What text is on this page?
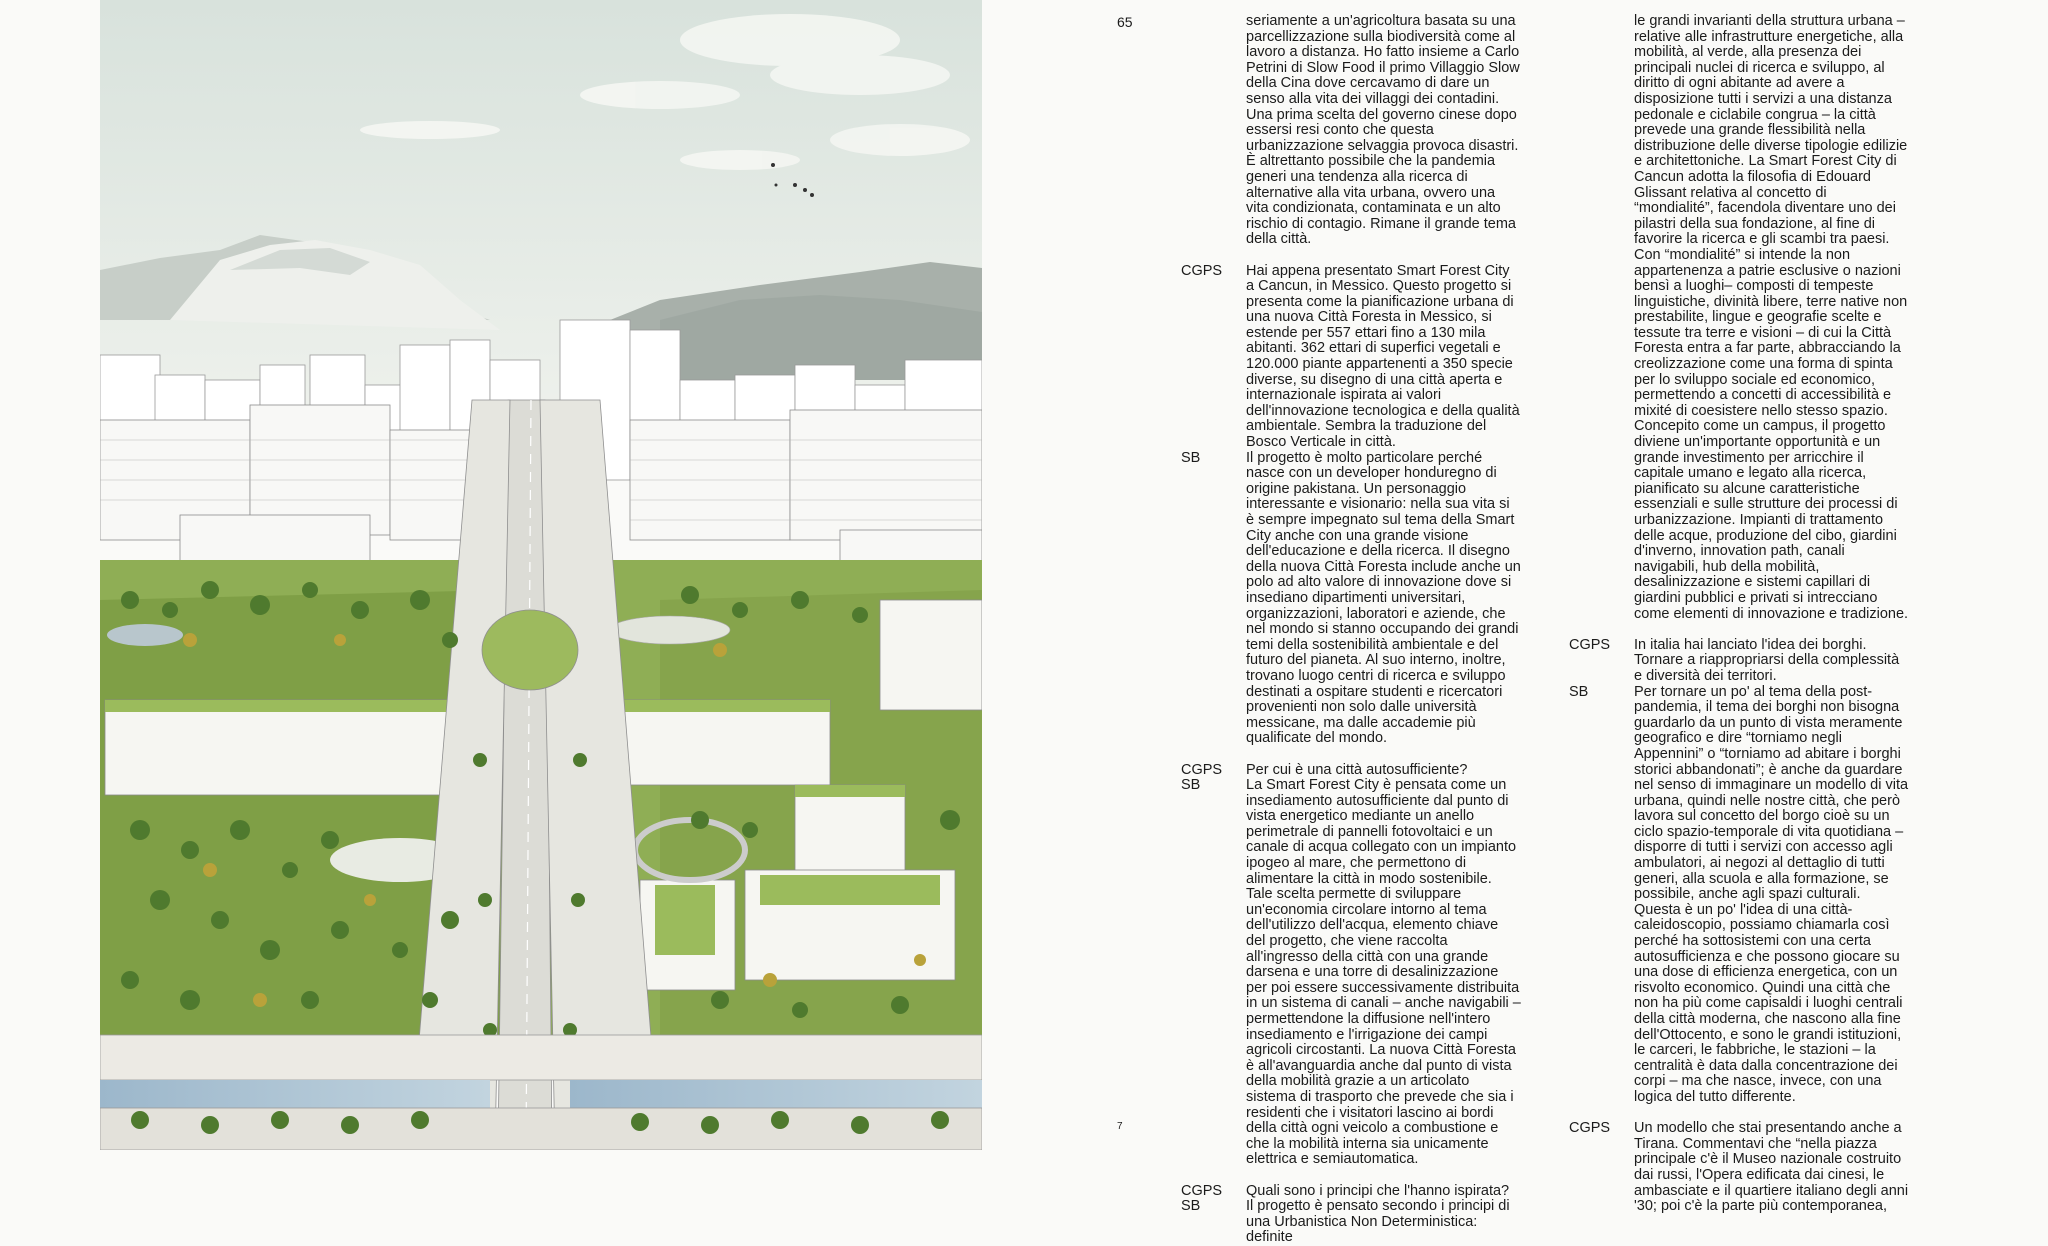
65
7

seriamente a un'agricoltura basata su una parcellizzazione sulla biodiversità come al lavoro a distanza. Ho fatto insieme a Carlo Petrini di Slow Food il primo Villaggio Slow della Cina dove cercavamo di dare un senso alla vita dei villaggi dei contadini. Una prima scelta del governo cinese dopo essersi resi conto che questa urbanizzazione selvaggia provoca disastri. È altrettanto possibile che la pandemia generi una tendenza alla ricerca di alternative alla vita urbana, ovvero una vita condizionata, contaminata e un alto rischio di contagio. Rimane il grande tema della città.

CGPS	Hai appena presentato Smart Forest City a Cancun, in Messico. Questo progetto si presenta come la pianificazione urbana di una nuova Città Foresta in Messico, si estende per 557 ettari fino a 130 mila abitanti. 362 ettari di superfici vegetali e 120.000 piante appartenenti a 350 specie diverse, su disegno di una città aperta e internazionale ispirata ai valori dell'innovazione tecnologica e della qualità ambientale. Sembra la traduzione del Bosco Verticale in città.

SB	Il progetto è molto particolare perché nasce con un developer honduregno di origine pakistana. Un personaggio interessante e visionario: nella sua vita si è sempre impegnato sul tema della Smart City anche con una grande visione dell'educazione e della ricerca. Il disegno della nuova Città Foresta include anche un polo ad alto valore di innovazione dove si insediano dipartimenti universitari, organizzazioni, laboratori e aziende, che nel mondo si stanno occupando dei grandi temi della sostenibilità ambientale e del futuro del pianeta. Al suo interno, inoltre, trovano luogo centri di ricerca e sviluppo destinati a ospitare studenti e ricercatori provenienti non solo dalle università messicane, ma dalle accademie più qualificate del mondo.

CGPS	Per cui è una città autosufficiente?

SB	La Smart Forest City è pensata come un insediamento autosufficiente dal punto di vista energetico mediante un anello perimetrale di pannelli fotovoltaici e un canale di acqua collegato con un impianto ipogeo al mare, che permettono di alimentare la città in modo sostenibile. Tale scelta permette di sviluppare un'economia circolare intorno al tema dell'utilizzo dell'acqua, elemento chiave del progetto, che viene raccolta all'ingresso della città con una grande darsena e una torre di desalinizzazione per poi essere successivamente distribuita in un sistema di canali – anche navigabili – permettendone la diffusione nell'intero insediamento e l'irrigazione dei campi agricoli circostanti. La nuova Città Foresta è all'avanguardia anche dal punto di vista della mobilità grazie a un articolato sistema di trasporto che prevede che sia i residenti che i visitatori lascino ai bordi della città ogni veicolo a combustione e che la mobilità interna sia unicamente elettrica e semiautomatica.

CGPS	Quali sono i principi che l'hanno ispirata?

SB	Il progetto è pensato secondo i principi di una Urbanistica Non Deterministica: definite

le grandi invarianti della struttura urbana – relative alle infrastrutture energetiche, alla mobilità, al verde, alla presenza dei principali nuclei di ricerca e sviluppo, al diritto di ogni abitante ad avere a disposizione tutti i servizi a una distanza pedonale e ciclabile congrua – la città prevede una grande flessibilità nella distribuzione delle diverse tipologie edilizie e architettoniche. La Smart Forest City di Cancun adotta la filosofia di Edouard Glissant relativa al concetto di “mondialité”, facendola diventare uno dei pilastri della sua fondazione, al fine di favorire la ricerca e gli scambi tra paesi. Con “mondialité” si intende la non appartenenza a patrie esclusive o nazioni bensì a luoghi– composti di tempeste linguistiche, divinità libere, terre native non prestabilite, lingue e geografie scelte e tessute tra terre e visioni – di cui la Città Foresta entra a far parte, abbracciando la creolizzazione come una forma di spinta per lo sviluppo sociale ed economico, permettendo a concetti di accessibilità e mixité di coesistere nello stesso spazio. Concepito come un campus, il progetto diviene un'importante opportunità e un grande investimento per arricchire il capitale umano e legato alla ricerca, pianificato su alcune caratteristiche essenziali e sulle strutture dei processi di urbanizzazione. Impianti di trattamento delle acque, produzione del cibo, giardini d'inverno, innovation path, canali navigabili, hub della mobilità, desalinizzazione e sistemi capillari di giardini pubblici e privati si intrecciano come elementi di innovazione e tradizione.

CGPS	In italia hai lanciato l'idea dei borghi. Tornare a riappropriarsi della complessità e diversità dei territori.

SB	Per tornare un po' al tema della post-pandemia, il tema dei borghi non bisogna guardarlo da un punto di vista meramente geografico e dire “torniamo negli Appennini” o “torniamo ad abitare i borghi storici abbandonati”; è anche da guardare nel senso di immaginare un modello di vita urbana, quindi nelle nostre città, che però lavora sul concetto del borgo cioè su un ciclo spazio-temporale di vita quotidiana – disporre di tutti i servizi con accesso agli ambulatori, ai negozi al dettaglio di tutti generi, alla scuola e alla formazione, se possibile, anche agli spazi culturali. Questa è un po' l'idea di una città-caleidoscopio, possiamo chiamarla così perché ha sottosistemi con una certa autosufficienza e che possono giocare su una dose di efficienza energetica, con un risvolto economico. Quindi una città che non ha più come capisaldi i luoghi centrali della città moderna, che nascono alla fine dell'Ottocento, e sono le grandi istituzioni, le carceri, le fabbriche, le stazioni – la centralità è data dalla concentrazione dei corpi – ma che nasce, invece, con una logica del tutto differente.

CGPS	Un modello che stai presentando anche a Tirana. Commentavi che “nella piazza principale c'è il Museo nazionale costruito dai russi, l'Opera edificata dai cinesi, le ambasciate e il quartiere italiano degli anni '30; poi c'è la parte più contemporanea,
